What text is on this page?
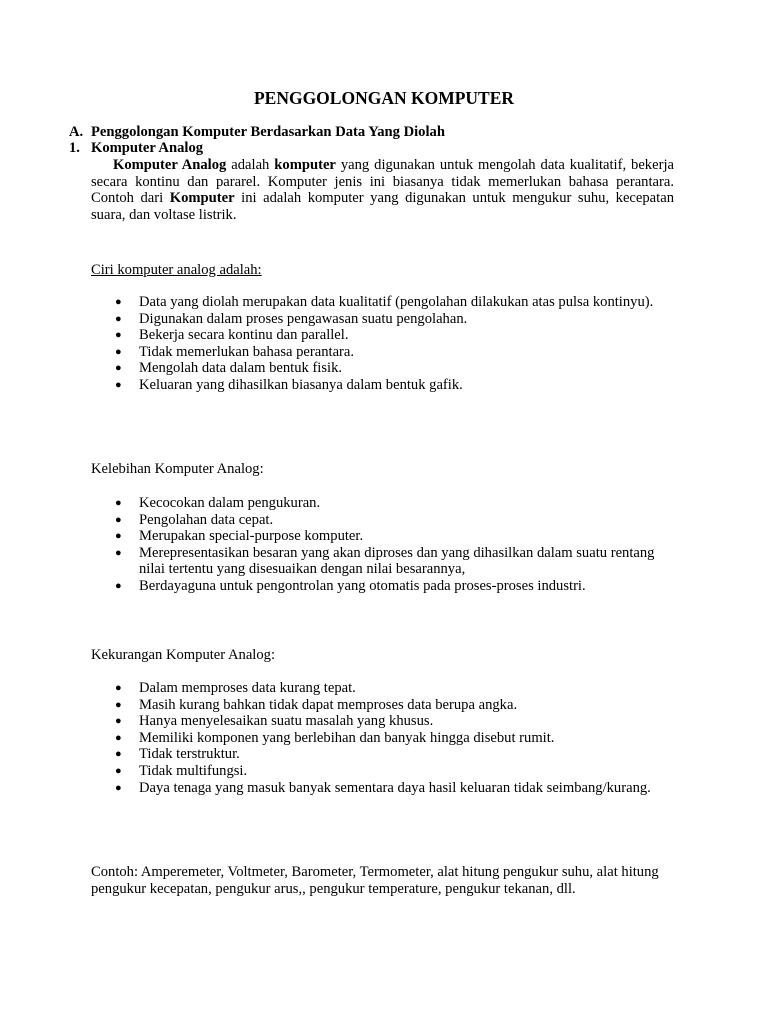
PENGGOLONGAN KOMPUTER
A. Penggolongan Komputer Berdasarkan Data Yang Diolah
1. Komputer Analog
Komputer Analog adalah komputer yang digunakan untuk mengolah data kualitatif, bekerja secara kontinu dan pararel. Komputer jenis ini biasanya tidak memerlukan bahasa perantara. Contoh dari Komputer ini adalah komputer yang digunakan untuk mengukur suhu, kecepatan suara, dan voltase listrik.
Ciri komputer analog adalah:
● Data yang diolah merupakan data kualitatif (pengolahan dilakukan atas pulsa kontinyu).
● Digunakan dalam proses pengawasan suatu pengolahan.
● Bekerja secara kontinu dan parallel.
● Tidak memerlukan bahasa perantara.
● Mengolah data dalam bentuk fisik.
● Keluaran yang dihasilkan biasanya dalam bentuk gafik.
Kelebihan Komputer Analog:
● Kecocokan dalam pengukuran.
● Pengolahan data cepat.
● Merupakan special-purpose komputer.
● Merepresentasikan besaran yang akan diproses dan yang dihasilkan dalam suatu rentang nilai tertentu yang disesuaikan dengan nilai besarannya,
● Berdayaguna untuk pengontrolan yang otomatis pada proses-proses industri.
Kekurangan Komputer Analog:
● Dalam memproses data kurang tepat.
● Masih kurang bahkan tidak dapat memproses data berupa angka.
● Hanya menyelesaikan suatu masalah yang khusus.
● Memiliki komponen yang berlebihan dan banyak hingga disebut rumit.
● Tidak terstruktur.
● Tidak multifungsi.
● Daya tenaga yang masuk banyak sementara daya hasil keluaran tidak seimbang/kurang.
Contoh: Amperemeter, Voltmeter, Barometer, Termometer, alat hitung pengukur suhu, alat hitung pengukur kecepatan, pengukur arus,, pengukur temperature, pengukur tekanan, dll.
